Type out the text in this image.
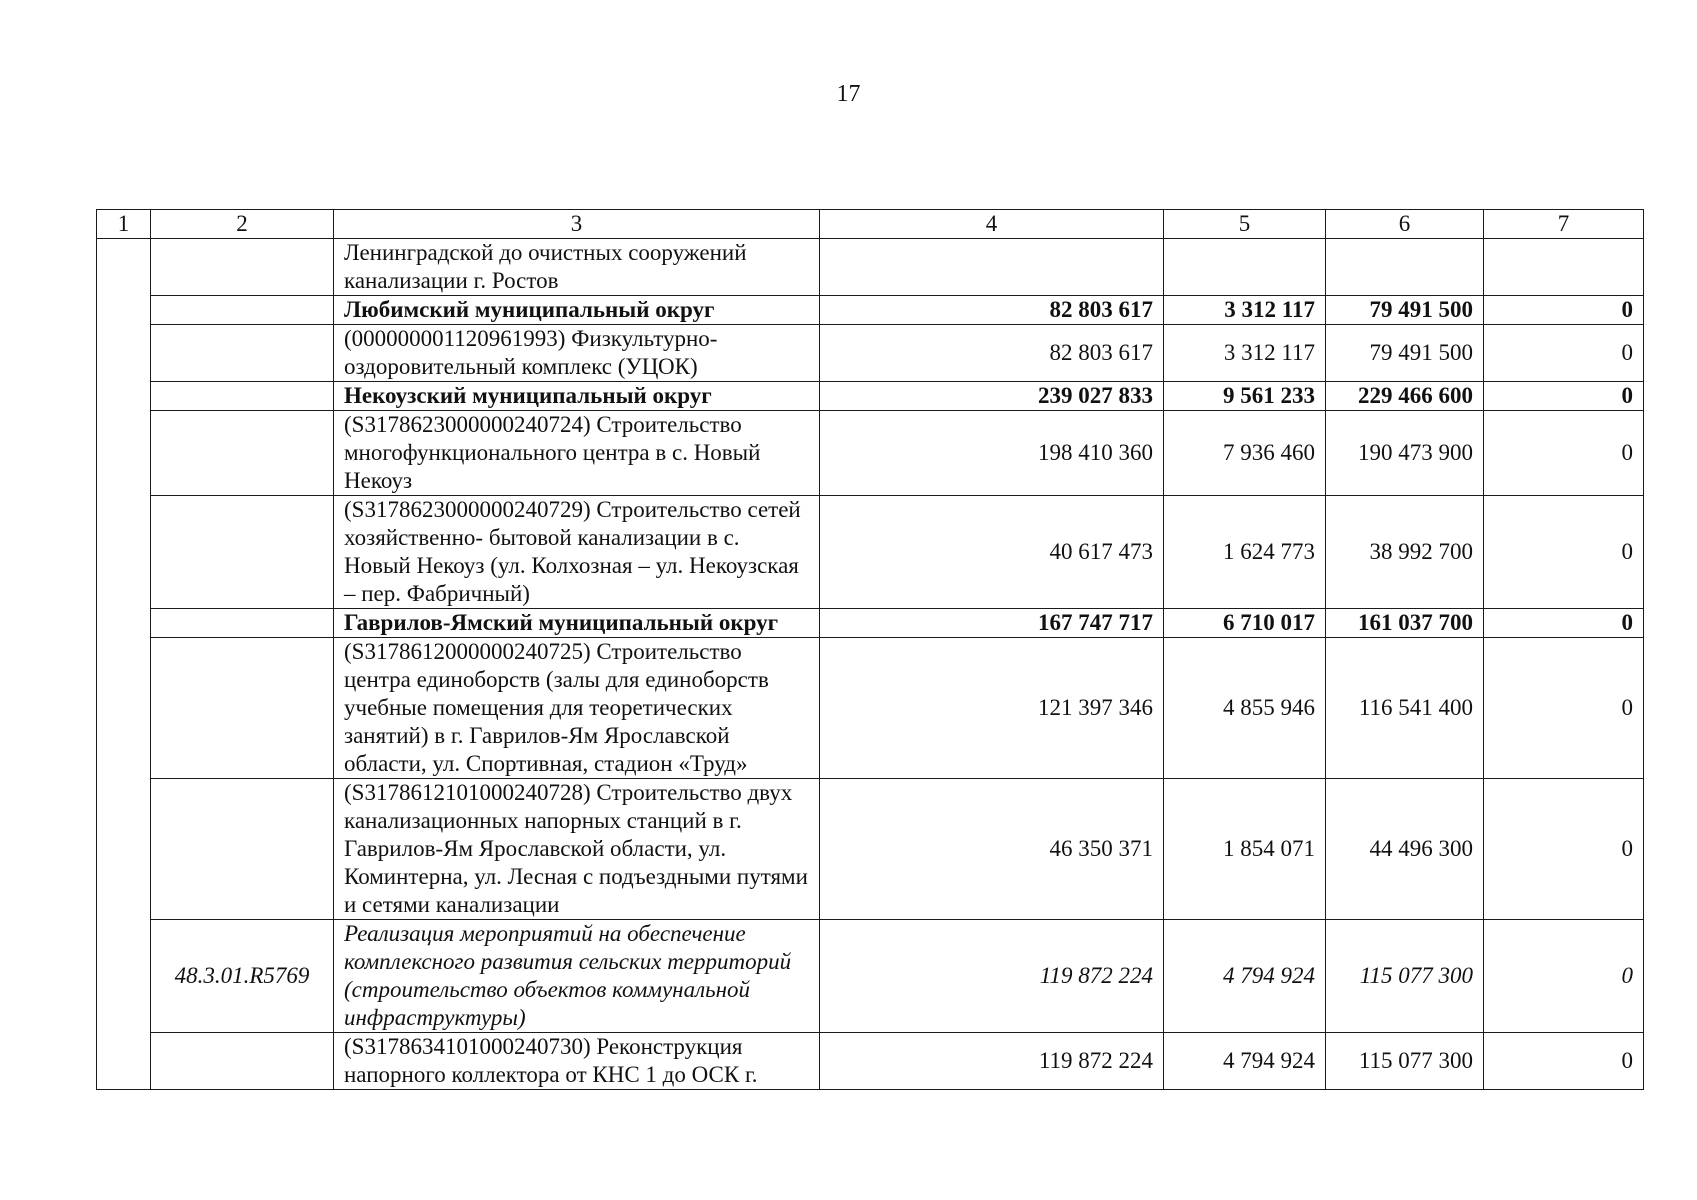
17
1	2	3	4	5	6	7
		Ленинградской до очистных сооружений канализации г. Ростов				
		Любимский муниципальный округ	82 803 617	3 312 117	79 491 500	0
		(000000001120961993) Физкультурно-оздоровительный комплекс (УЦОК)	82 803 617	3 312 117	79 491 500	0
		Некоузский муниципальный округ	239 027 833	9 561 233	229 466 600	0
		(S3178623000000240724) Строительство многофункционального центра в с. Новый Некоуз	198 410 360	7 936 460	190 473 900	0
		(S3178623000000240729) Строительство сетей хозяйственно- бытовой канализации в с. Новый Некоуз (ул. Колхозная – ул. Некоузская – пер. Фабричный)	40 617 473	1 624 773	38 992 700	0
		Гаврилов-Ямский муниципальный округ	167 747 717	6 710 017	161 037 700	0
		(S3178612000000240725) Строительство центра единоборств (залы для единоборств учебные помещения для теоретических занятий) в г. Гаврилов-Ям Ярославской области, ул. Спортивная, стадион «Труд»	121 397 346	4 855 946	116 541 400	0
		(S3178612101000240728) Строительство двух канализационных напорных станций в г. Гаврилов-Ям Ярославской области, ул. Коминтерна, ул. Лесная с подъездными путями и сетями канализации	46 350 371	1 854 071	44 496 300	0
	48.3.01.R5769	Реализация мероприятий на обеспечение комплексного развития сельских территорий (строительство объектов коммунальной инфраструктуры)	119 872 224	4 794 924	115 077 300	0
		(S3178634101000240730) Реконструкция напорного коллектора от КНС 1 до ОСК г.	119 872 224	4 794 924	115 077 300	0
